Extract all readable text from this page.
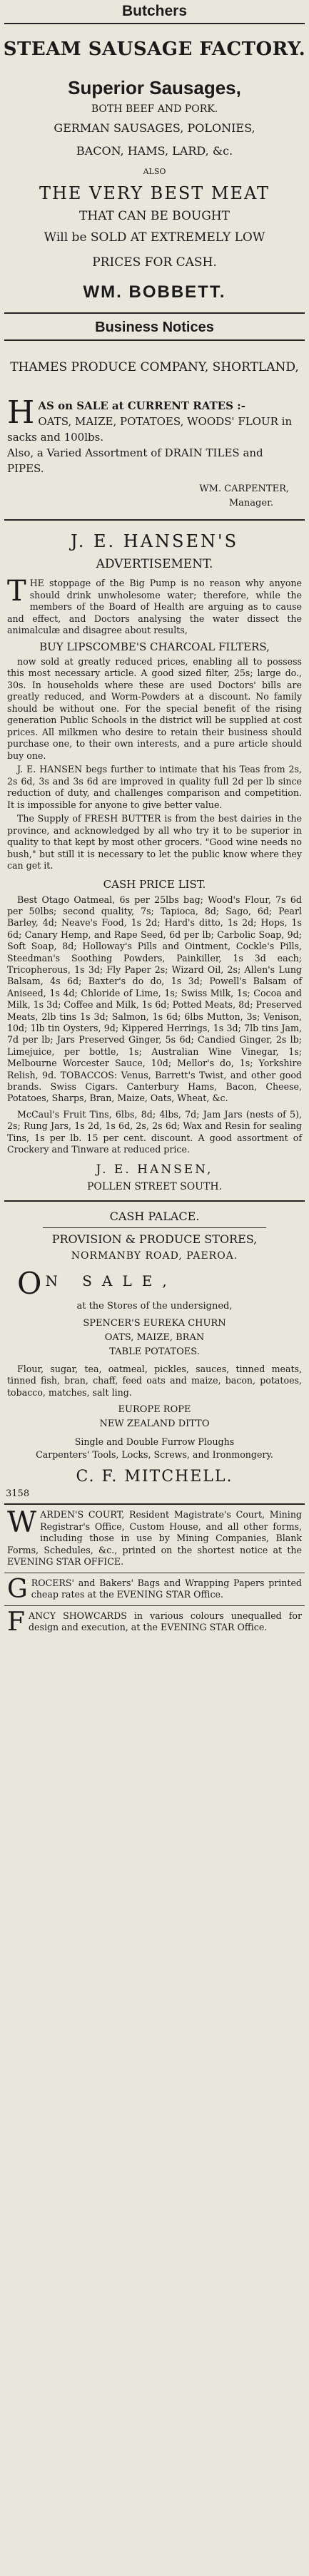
Butchers
STEAM SAUSAGE FACTORY.
Superior Sausages,
BOTH BEEF AND PORK.
GERMAN SAUSAGES, POLONIES,
BACON, HAMS, LARD, &c.
ALSO
THE VERY BEST MEAT
THAT CAN BE BOUGHT
Will be SOLD AT EXTREMELY LOW
PRICES FOR CASH.
WM. BOBBETT.
Business Notices
THAMES PRODUCE COMPANY, SHORTLAND,
H AS on SALE at CURRENT RATES :-
OATS, MAIZE, POTATOES, WOODS' FLOUR in sacks and 100lbs.
Also, a Varied Assortment of DRAIN TILES and PIPES.
WM. CARPENTER,
Manager.
J. E. HANSEN'S
ADVERTISEMENT.
THE stoppage of the Big Pump is no reason why anyone should drink unwholesome water; therefore, while the members of the Board of Health are arguing as to cause and effect, and Doctors analysing the water dissect the animalculæ and disagree about results,
BUY LIPSCOMBE'S CHARCOAL FILTERS,

now sold at greatly reduced prices, enabling all to possess this most necessary article. A good sized filter, 25s; large do., 30s. In households where these are used Doctors' bills are greatly reduced, and Worm-Powders at a discount. No family should be without one. For the special benefit of the rising generation Public Schools in the district will be supplied at cost prices. All milkmen who desire to retain their business should purchase one, to their own interests, and a pure article should buy one.

J. E. HANSEN begs further to intimate that his Teas from 2s, 2s 6d, 3s and 3s 6d are improved in quality full 2d per lb since reduction of duty, and challenges comparison and competition. It is impossible for anyone to give better value.

The Supply of FRESH BUTTER is from the best dairies in the province, and acknowledged by all who try it to be superior in quality to that kept by most other grocers. "Good wine needs no bush," but still it is necessary to let the public know where they can get it.

CASH PRICE LIST.

Best Otago Oatmeal, 6s per 25lbs bag; Wood's Flour, 7s 6d per 50lbs; second quality, 7s; Tapioca, 8d; Sago, 6d; Pearl Barley, 4d; Neave's Food, 1s 2d; Hard's ditto, 1s 2d; Hops, 1s 6d; Canary Hemp, and Rape Seed, 6d per lb; Carbolic Soap, 9d; Soft Soap, 8d; Holloway's Pills and Ointment, Cockle's Pills, Steedman's Soothing Powders, Painkiller, 1s 3d each; Tricopherous, 1s 3d; Fly Paper 2s; Wizard Oil, 2s; Allen's Lung Balsam, 4s 6d; Baxter's do do, 1s 3d; Powell's Balsam of Aniseed, 1s 4d; Chloride of Lime, 1s; Swiss Milk, 1s; Cocoa and Milk, 1s 3d; Coffee and Milk, 1s 6d; Potted Meats, 8d; Preserved Meats, 2lb tins 1s 3d; Salmon, 1s 6d; 6lbs Mutton, 3s; Venison, 10d; 1lb tin Oysters, 9d; Kippered Herrings, 1s 3d; 7lb tins Jam, 7d per lb; Jars Preserved Ginger, 5s 6d; Candied Ginger, 2s lb; Limejuice, per bottle, 1s; Australian Wine Vinegar, 1s; Melbourne Worcester Sauce, 10d; Mellor's do, 1s; Yorkshire Relish, 9d. TOBACCOS: Venus, Barrett's Twist, and other good brands. Swiss Cigars. Canterbury Hams, Bacon, Cheese, Potatoes, Sharps, Bran, Maize, Oats, Wheat, &c.

McCaul's Fruit Tins, 6lbs, 8d; 4lbs, 7d; Jam Jars (nests of 5), 2s; Rung Jars, 1s 2d, 1s 6d, 2s, 2s 6d; Wax and Resin for sealing Tins, 1s per lb. 15 per cent. discount. A good assortment of Crockery and Tinware at reduced price.

J. E. HANSEN,
POLLEN STREET SOUTH.
CASH PALACE.
PROVISION & PRODUCE STORES,
NORMANBY ROAD, PAEROA.
O N SALE,
at the Stores of the undersigned,
SPENCER'S EUREKA CHURN
OATS, MAIZE, BRAN
TABLE POTATOES.

Flour, sugar, tea, oatmeal, pickles, sauces, tinned meats, tinned fish, bran, chaff, feed oats and maize, bacon, potatoes, tobacco, matches, salt ling.

EUROPE ROPE
NEW ZEALAND DITTO
Single and Double Furrow Ploughs
Carpenters' Tools, Locks, Screws, and Ironmongery.
C. F. MITCHELL.
3158
WARDEN'S COURT, Resident Magistrate's Court, Mining Registrar's Office, Custom House, and all other forms, including those in use by Mining Companies, Blank Forms, Schedules, &c., printed on the shortest notice at the EVENING STAR OFFICE.
GROCERS' and Bakers' Bags and Wrapping Papers printed cheap rates at the EVENING STAR Office.
FANCY SHOWCARDS in various colours unequalled for design and execution, at the EVENING STAR Office.
